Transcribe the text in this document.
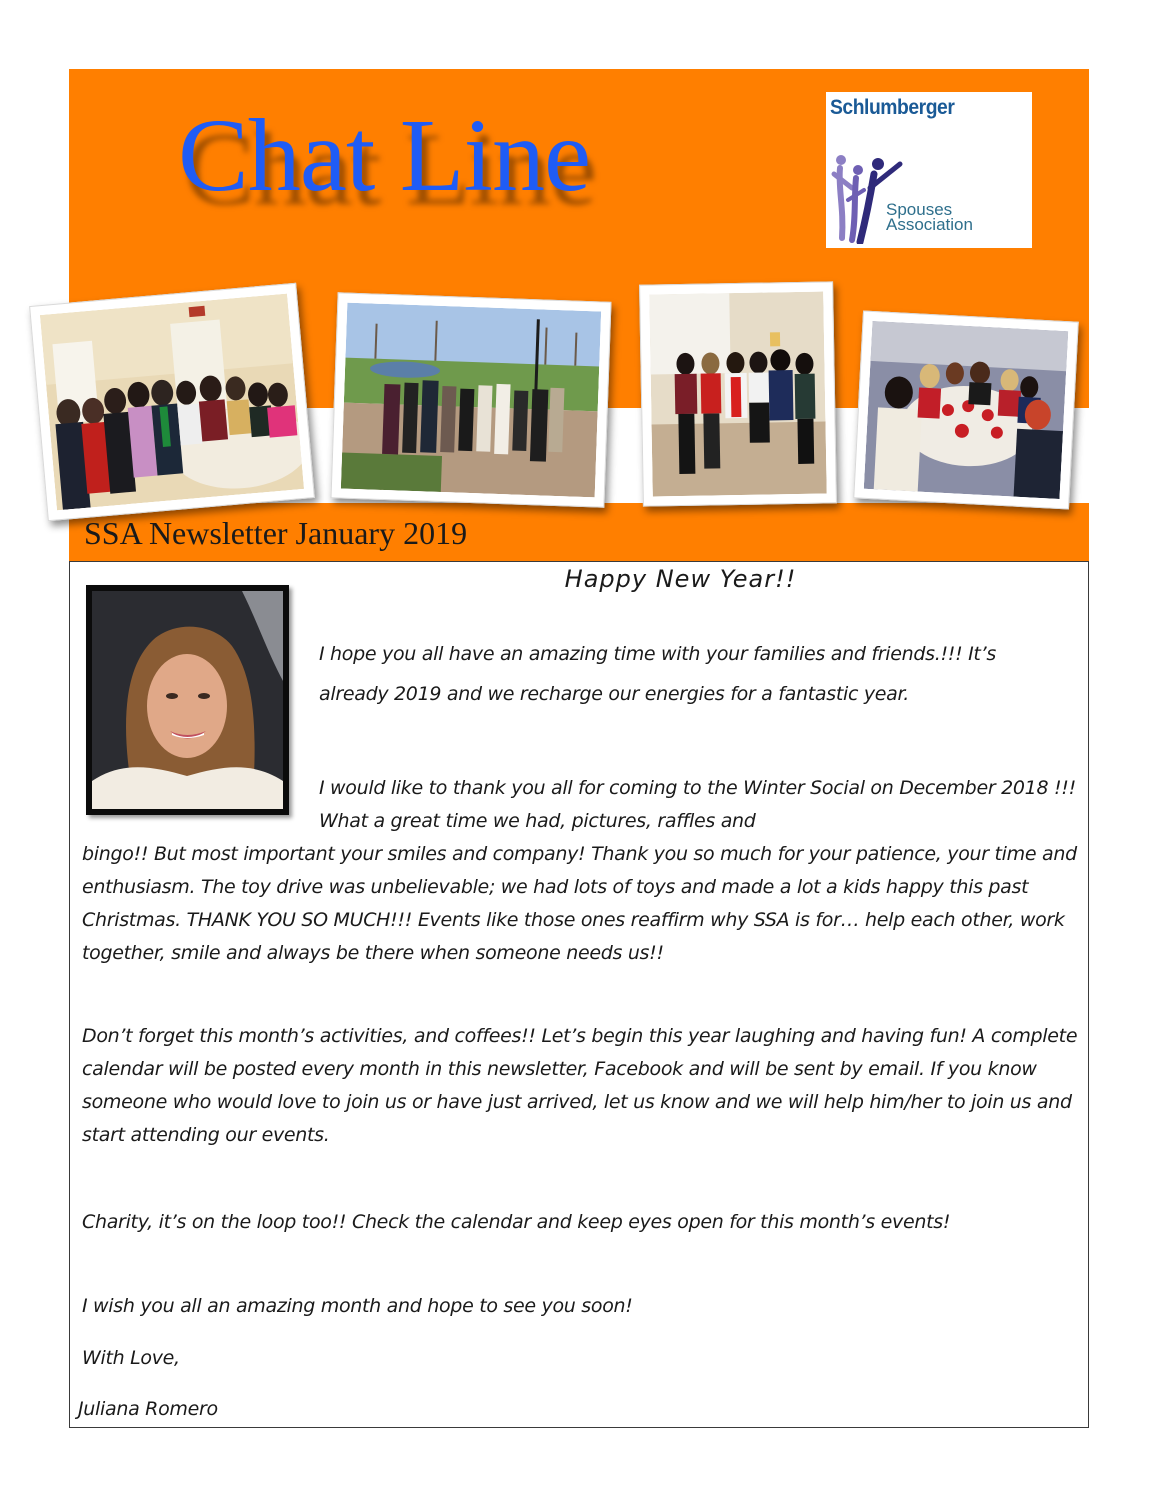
Chat Line	Schlumberger
Spouses
Association
SSA Newsletter January 2019
Happy New Year!!

I hope you all have an amazing time with your families and friends.!!! It’s already 2019 and we recharge our energies for a fantastic year.

I would like to thank you all for coming to the Winter Social on December 2018 !!! What a great time we had, pictures, raffles and

bingo!! But most important your smiles and company! Thank you so much for your patience, your time and enthusiasm. The toy drive was unbelievable; we had lots of toys and made a lot a kids happy this past Christmas. THANK YOU SO MUCH!!! Events like those ones reaffirm why SSA is for… help each other, work together, smile and always be there when someone needs us!!

Don’t forget this month’s activities, and coffees!! Let’s begin this year laughing and having fun! A complete calendar will be posted every month in this newsletter, Facebook and will be sent by email. If you know someone who would love to join us or have just arrived, let us know and we will help him/her to join us and start attending our events.

Charity, it’s on the loop too!! Check the calendar and keep eyes open for this month’s events!

I wish you all an amazing month and hope to see you soon!

With Love,

Juliana Romero
